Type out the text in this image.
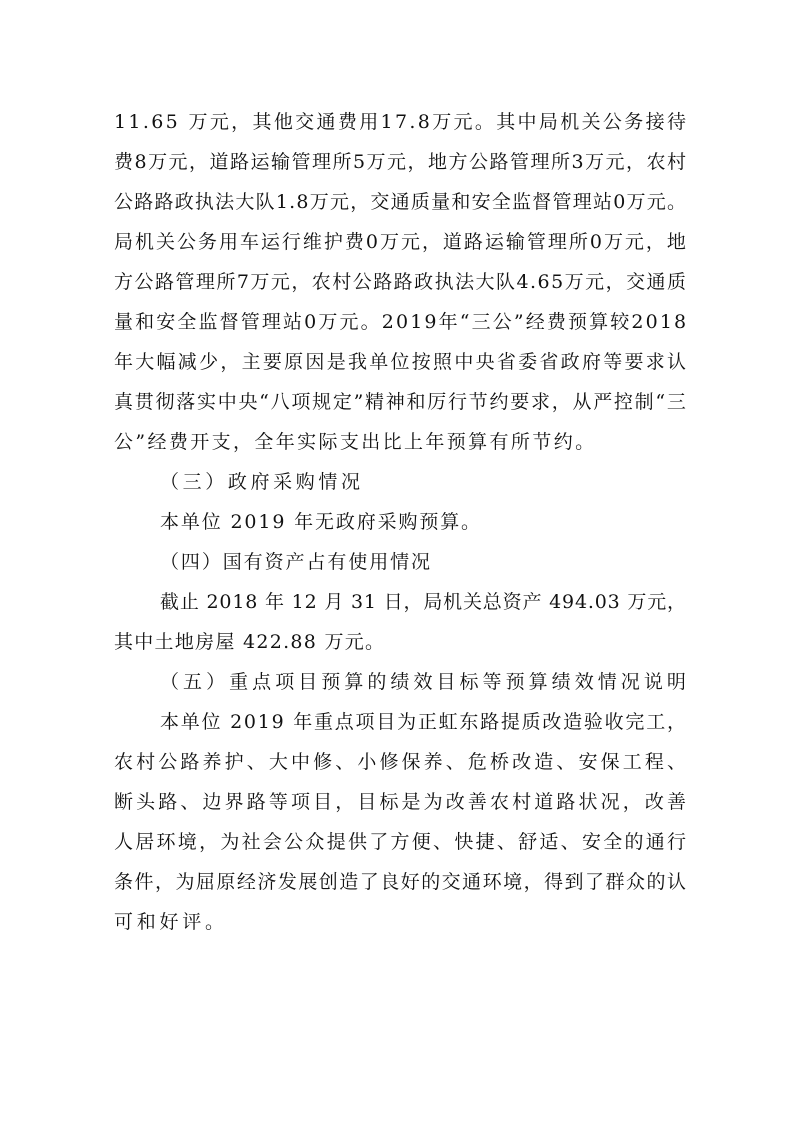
11.65 万元，其他交通费用17.8万元。其中局机关公务接待
费8万元，道路运输管理所5万元，地方公路管理所3万元，农村
公路路政执法大队1.8万元，交通质量和安全监督管理站0万元。
局机关公务用车运行维护费0万元，道路运输管理所0万元，地
方公路管理所7万元，农村公路路政执法大队4.65万元，交通质
量和安全监督管理站0万元。2019年“三公”经费预算较2018
年大幅减少，主要原因是我单位按照中央省委省政府等要求认
真贯彻落实中央“八项规定”精神和厉行节约要求，从严控制“三
公”经费开支，全年实际支出比上年预算有所节约。
（三）政府采购情况
本单位 2019 年无政府采购预算。
（四）国有资产占有使用情况
截止 2018 年 12 月 31 日，局机关总资产 494.03 万元，
其中土地房屋 422.88 万元。
（五）重点项目预算的绩效目标等预算绩效情况说明
本单位 2019 年重点项目为正虹东路提质改造验收完工，
农村公路养护、大中修、小修保养、危桥改造、安保工程、
断头路、边界路等项目，目标是为改善农村道路状况，改善
人居环境，为社会公众提供了方便、快捷、舒适、安全的通行
条件，为屈原经济发展创造了良好的交通环境，得到了群众的认
可和好评。
